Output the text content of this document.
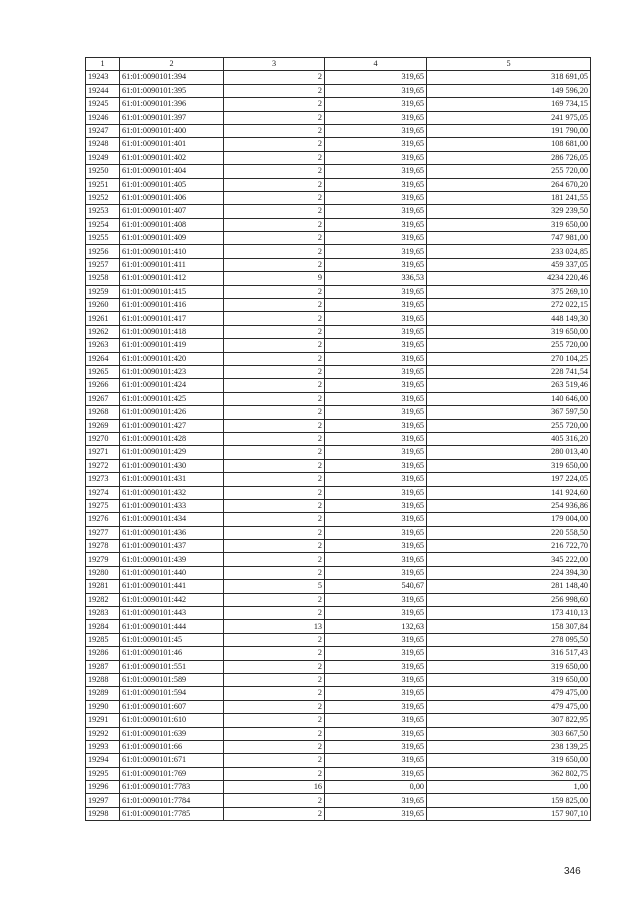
1	2	3	4	5
19243	61:01:0090101:394	2	319,65	318 691,05
19244	61:01:0090101:395	2	319,65	149 596,20
19245	61:01:0090101:396	2	319,65	169 734,15
19246	61:01:0090101:397	2	319,65	241 975,05
19247	61:01:0090101:400	2	319,65	191 790,00
19248	61:01:0090101:401	2	319,65	108 681,00
19249	61:01:0090101:402	2	319,65	286 726,05
19250	61:01:0090101:404	2	319,65	255 720,00
19251	61:01:0090101:405	2	319,65	264 670,20
19252	61:01:0090101:406	2	319,65	181 241,55
19253	61:01:0090101:407	2	319,65	329 239,50
19254	61:01:0090101:408	2	319,65	319 650,00
19255	61:01:0090101:409	2	319,65	747 981,00
19256	61:01:0090101:410	2	319,65	233 024,85
19257	61:01:0090101:411	2	319,65	459 337,05
19258	61:01:0090101:412	9	336,53	4234 220,46
19259	61:01:0090101:415	2	319,65	375 269,10
19260	61:01:0090101:416	2	319,65	272 022,15
19261	61:01:0090101:417	2	319,65	448 149,30
19262	61:01:0090101:418	2	319,65	319 650,00
19263	61:01:0090101:419	2	319,65	255 720,00
19264	61:01:0090101:420	2	319,65	270 104,25
19265	61:01:0090101:423	2	319,65	228 741,54
19266	61:01:0090101:424	2	319,65	263 519,46
19267	61:01:0090101:425	2	319,65	140 646,00
19268	61:01:0090101:426	2	319,65	367 597,50
19269	61:01:0090101:427	2	319,65	255 720,00
19270	61:01:0090101:428	2	319,65	405 316,20
19271	61:01:0090101:429	2	319,65	280 013,40
19272	61:01:0090101:430	2	319,65	319 650,00
19273	61:01:0090101:431	2	319,65	197 224,05
19274	61:01:0090101:432	2	319,65	141 924,60
19275	61:01:0090101:433	2	319,65	254 936,86
19276	61:01:0090101:434	2	319,65	179 004,00
19277	61:01:0090101:436	2	319,65	220 558,50
19278	61:01:0090101:437	2	319,65	216 722,70
19279	61:01:0090101:439	2	319,65	345 222,00
19280	61:01:0090101:440	2	319,65	224 394,30
19281	61:01:0090101:441	5	540,67	281 148,40
19282	61:01:0090101:442	2	319,65	256 998,60
19283	61:01:0090101:443	2	319,65	173 410,13
19284	61:01:0090101:444	13	132,63	158 307,84
19285	61:01:0090101:45	2	319,65	278 095,50
19286	61:01:0090101:46	2	319,65	316 517,43
19287	61:01:0090101:551	2	319,65	319 650,00
19288	61:01:0090101:589	2	319,65	319 650,00
19289	61:01:0090101:594	2	319,65	479 475,00
19290	61:01:0090101:607	2	319,65	479 475,00
19291	61:01:0090101:610	2	319,65	307 822,95
19292	61:01:0090101:639	2	319,65	303 667,50
19293	61:01:0090101:66	2	319,65	238 139,25
19294	61:01:0090101:671	2	319,65	319 650,00
19295	61:01:0090101:769	2	319,65	362 802,75
19296	61:01:0090101:7783	16	0,00	1,00
19297	61:01:0090101:7784	2	319,65	159 825,00
19298	61:01:0090101:7785	2	319,65	157 907,10
346
